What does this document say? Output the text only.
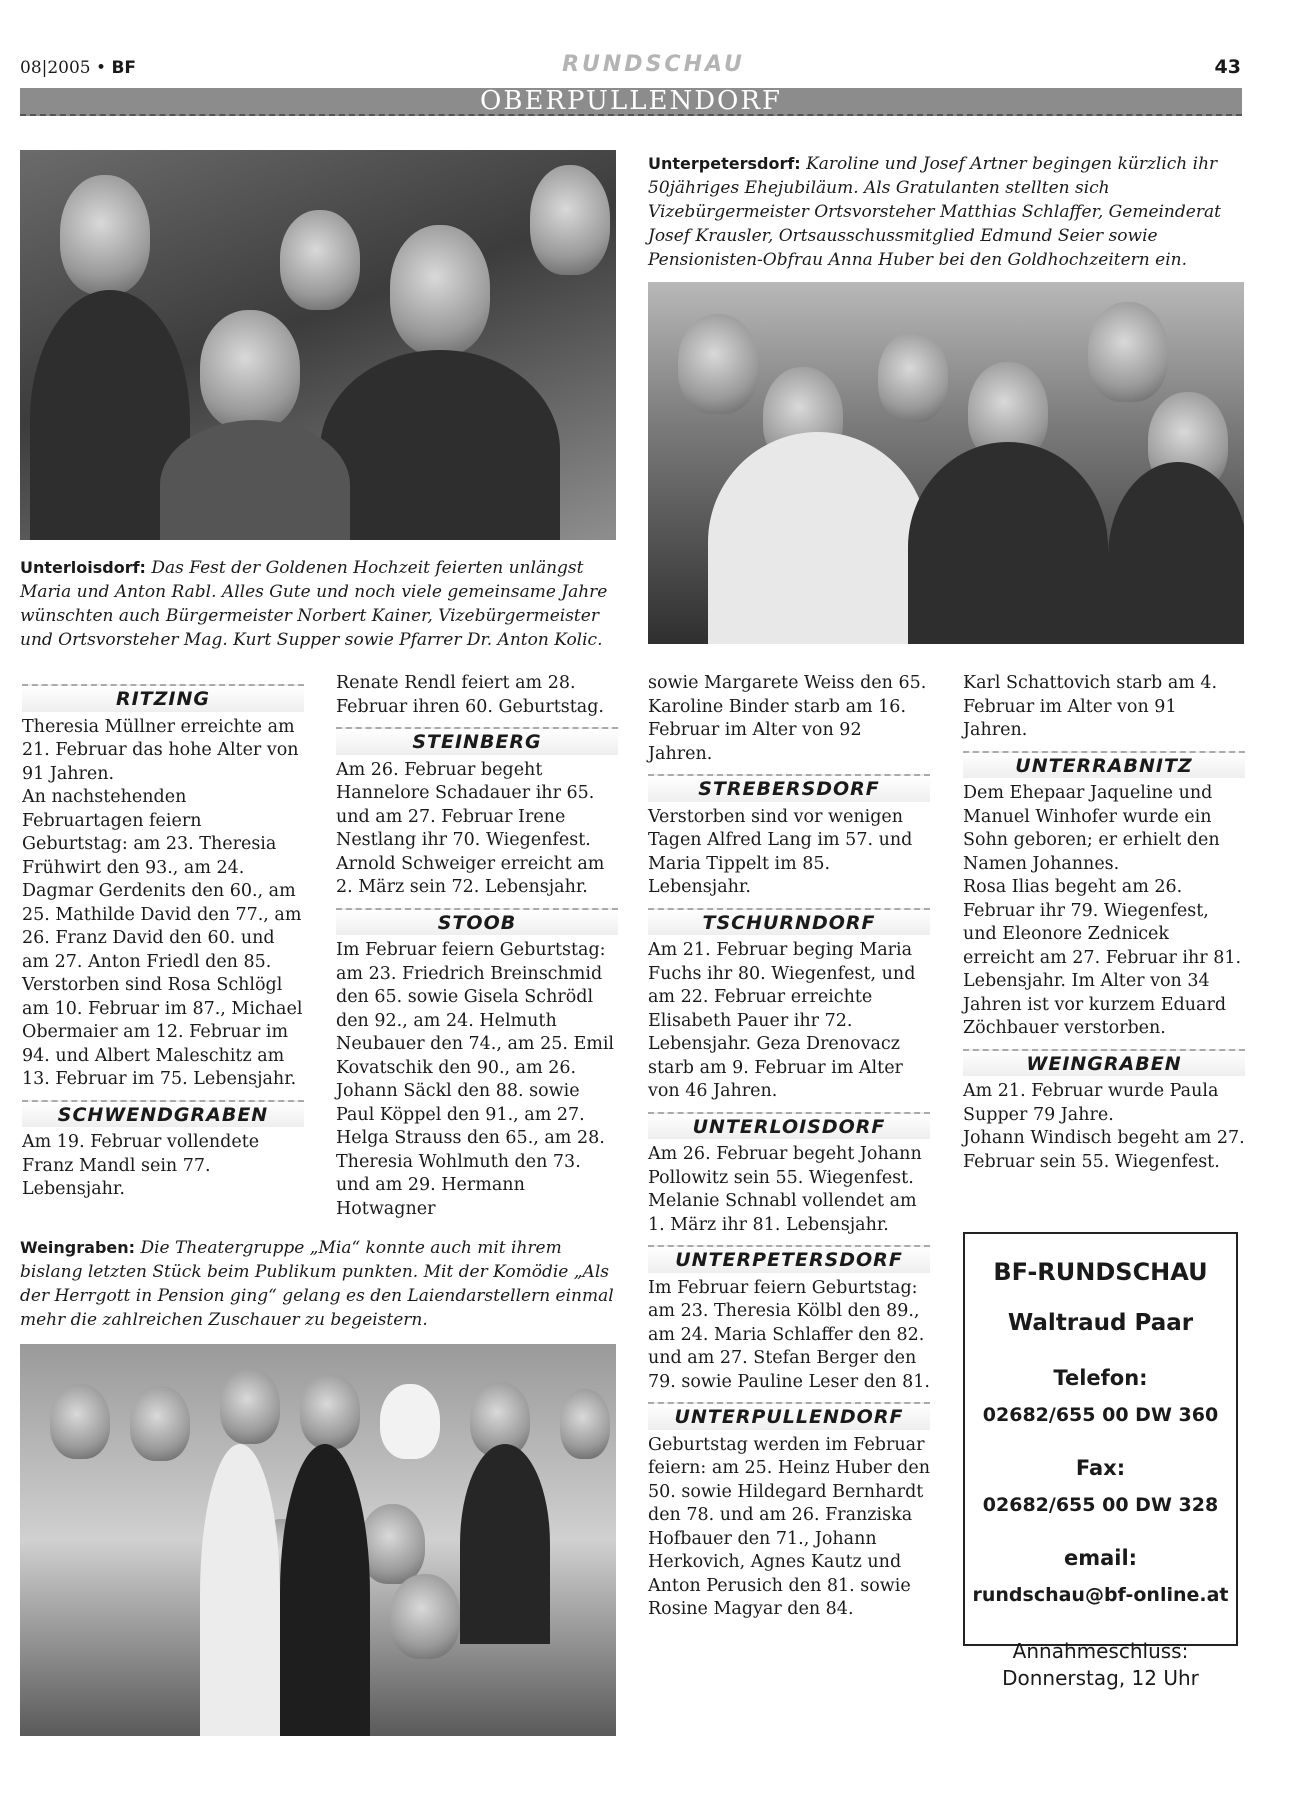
08|2005 • BF	RUNDSCHAU	43
OBERPULLENDORF
Unterloisdorf: Das Fest der Goldenen Hochzeit feierten unlängst Maria und Anton Rabl. Alles Gute und noch viele gemeinsame Jahre wünschten auch Bürgermeister Norbert Kainer, Vizebürgermeister und Ortsvorsteher Mag. Kurt Supper sowie Pfarrer Dr. Anton Kolic.
Unterpetersdorf: Karoline und Josef Artner begingen kürzlich ihr 50jähriges Ehejubiläum. Als Gratulanten stellten sich Vizebürgermeister Ortsvorsteher Matthias Schlaffer, Gemeinderat Josef Krausler, Ortsausschussmitglied Edmund Seier sowie Pensionisten-Obfrau Anna Huber bei den Goldhochzeitern ein.
RITZING

Theresia Müllner erreichte am 21. Februar das hohe Alter von 91 Jahren.

An nachstehenden Februartagen feiern Geburtstag: am 23. Theresia Frühwirt den 93., am 24. Dagmar Gerdenits den 60., am 25. Mathilde David den 77., am 26. Franz David den 60. und am 27. Anton Friedl den 85.

Verstorben sind Rosa Schlögl am 10. Februar im 87., Michael Obermaier am 12. Februar im 94. und Albert Maleschitz am 13. Februar im 75. Lebensjahr.

SCHWENDGRABEN

Am 19. Februar vollendete Franz Mandl sein 77. Lebensjahr.

Renate Rendl feiert am 28. Februar ihren 60. Geburtstag.

STEINBERG

Am 26. Februar begeht Hannelore Schadauer ihr 65. und am 27. Februar Irene Nestlang ihr 70. Wiegenfest.

Arnold Schweiger erreicht am 2. März sein 72. Lebensjahr.

STOOB

Im Februar feiern Geburtstag: am 23. Friedrich Breinschmid den 65. sowie Gisela Schrödl den 92., am 24. Helmuth Neubauer den 74., am 25. Emil Kovatschik den 90., am 26. Johann Säckl den 88. sowie Paul Köppel den 91., am 27. Helga Strauss den 65., am 28. Theresia Wohlmuth den 73. und am 29. Hermann Hotwagner

Weingraben: Die Theatergruppe „Mia“ konnte auch mit ihrem bislang letzten Stück beim Publikum punkten. Mit der Komödie „Als der Herrgott in Pension ging“ gelang es den Laiendarstellern einmal mehr die zahlreichen Zuschauer zu begeistern.

sowie Margarete Weiss den 65. Karoline Binder starb am 16. Februar im Alter von 92 Jahren.

STREBERSDORF

Verstorben sind vor wenigen Tagen Alfred Lang im 57. und Maria Tippelt im 85. Lebensjahr.

TSCHURNDORF

Am 21. Februar beging Maria Fuchs ihr 80. Wiegenfest, und am 22. Februar erreichte Elisabeth Pauer ihr 72. Lebensjahr. Geza Drenovacz starb am 9. Februar im Alter von 46 Jahren.

UNTERLOISDORF

Am 26. Februar begeht Johann Pollowitz sein 55. Wiegenfest.

Melanie Schnabl vollendet am 1. März ihr 81. Lebensjahr.

UNTERPETERSDORF

Im Februar feiern Geburtstag: am 23. Theresia Kölbl den 89., am 24. Maria Schlaffer den 82. und am 27. Stefan Berger den 79. sowie Pauline Leser den 81.

UNTERPULLENDORF

Geburtstag werden im Februar feiern: am 25. Heinz Huber den 50. sowie Hildegard Bernhardt den 78. und am 26. Franziska Hofbauer den 71., Johann Herkovich, Agnes Kautz und Anton Perusich den 81. sowie Rosine Magyar den 84.

Karl Schattovich starb am 4. Februar im Alter von 91 Jahren.

UNTERRABNITZ

Dem Ehepaar Jaqueline und Manuel Winhofer wurde ein Sohn geboren; er erhielt den Namen Johannes.

Rosa Ilias begeht am 26. Februar ihr 79. Wiegenfest, und Eleonore Zednicek erreicht am 27. Februar ihr 81. Lebensjahr. Im Alter von 34 Jahren ist vor kurzem Eduard Zöchbauer verstorben.

WEINGRABEN

Am 21. Februar wurde Paula Supper 79 Jahre.

Johann Windisch begeht am 27. Februar sein 55. Wiegenfest.

BF-RUNDSCHAU
Waltraud Paar
Telefon:
02682/655 00 DW 360
Fax:
02682/655 00 DW 328
email:
rundschau@bf-online.at
Annahmeschluss:
Donnerstag, 12 Uhr
